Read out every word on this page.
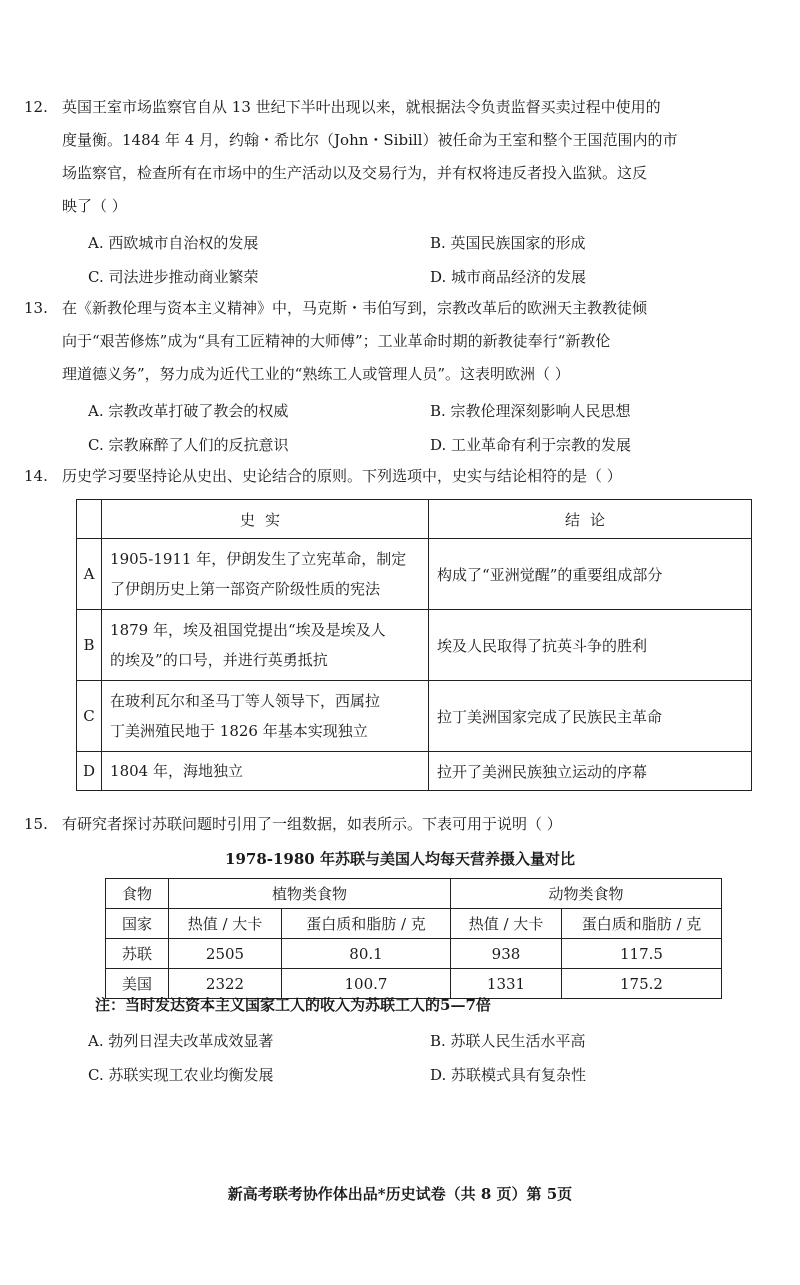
12. 英国王室市场监察官自从 13 世纪下半叶出现以来，就根据法令负责监督买卖过程中使用的
度量衡。1484 年 4 月，约翰・希比尔（John・Sibill）被任命为王室和整个王国范围内的市
场监察官，检查所有在市场中的生产活动以及交易行为，并有权将违反者投入监狱。这反
映了（ ）
A. 西欧城市自治权的发展	B. 英国民族国家的形成
C. 司法进步推动商业繁荣	D. 城市商品经济的发展
13. 在《新教伦理与资本主义精神》中，马克斯・韦伯写到，宗教改革后的欧洲天主教教徒倾
向于“艰苦修炼”成为“具有工匠精神的大师傅”；工业革命时期的新教徒奉行“新教伦
理道德义务”，努力成为近代工业的“熟练工人或管理人员”。这表明欧洲（ ）
A. 宗教改革打破了教会的权威	B. 宗教伦理深刻影响人民思想
C. 宗教麻醉了人们的反抗意识	D. 工业革命有利于宗教的发展
14. 历史学习要坚持论从史出、史论结合的原则。下列选项中，史实与结论相符的是（ ）
	史实	结论
A	1905-1911 年，伊朗发生了立宪革命，制定
了伊朗历史上第一部资产阶级性质的宪法	构成了“亚洲觉醒”的重要组成部分
B	1879 年，埃及祖国党提出“埃及是埃及人
的埃及”的口号，并进行英勇抵抗	埃及人民取得了抗英斗争的胜利
C	在玻利瓦尔和圣马丁等人领导下，西属拉
丁美洲殖民地于 1826 年基本实现独立	拉丁美洲国家完成了民族民主革命
D	1804 年，海地独立	拉开了美洲民族独立运动的序幕
15. 有研究者探讨苏联问题时引用了一组数据，如表所示。下表可用于说明（ ）
1978-1980 年苏联与美国人均每天营养摄入量对比
食物	植物类食物		动物类食物	
国家	热值 / 大卡	蛋白质和脂肪 / 克	热值 / 大卡	蛋白质和脂肪 / 克
苏联	2505	80.1	938	117.5
美国	2322	100.7	1331	175.2
注：当时发达资本主义国家工人的收入为苏联工人的5—7倍
A. 勃列日涅夫改革成效显著	B. 苏联人民生活水平高
C. 苏联实现工农业均衡发展	D. 苏联模式具有复杂性
新高考联考协作体出品*历史试卷（共 8 页）第 5页
